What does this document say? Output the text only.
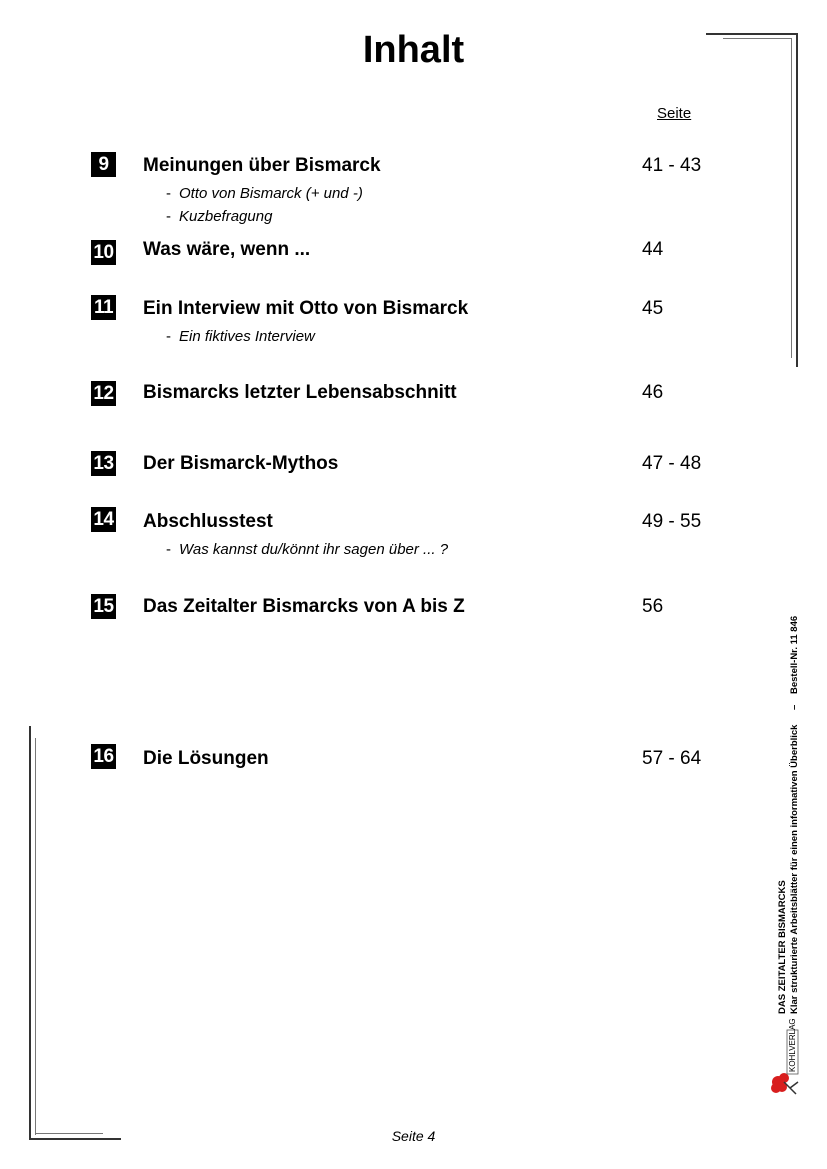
Inhalt
Seite
9	Meinungen über Bismarck	41 - 43
- Otto von Bismarck (+ und -)
- Kuzbefragung
10 Was wäre, wenn ...	44
11 Ein Interview mit Otto von Bismarck	45
- Ein fiktives Interview
12 Bismarcks letzter Lebensabschnitt	46
13 Der Bismarck-Mythos	47 - 48
14 Abschlusstest	49 - 55
- Was kannst du/könnt ihr sagen über ... ?
15 Das Zeitalter Bismarcks von A bis Z	56
16 Die Lösungen	57 - 64
Bestell-Nr. 11 846
–
Klar strukturierte Arbeitsblätter für einen informativen Überblick
DAS ZEITALTER BISMARCKS
KOHLVERLAG
Seite 4
